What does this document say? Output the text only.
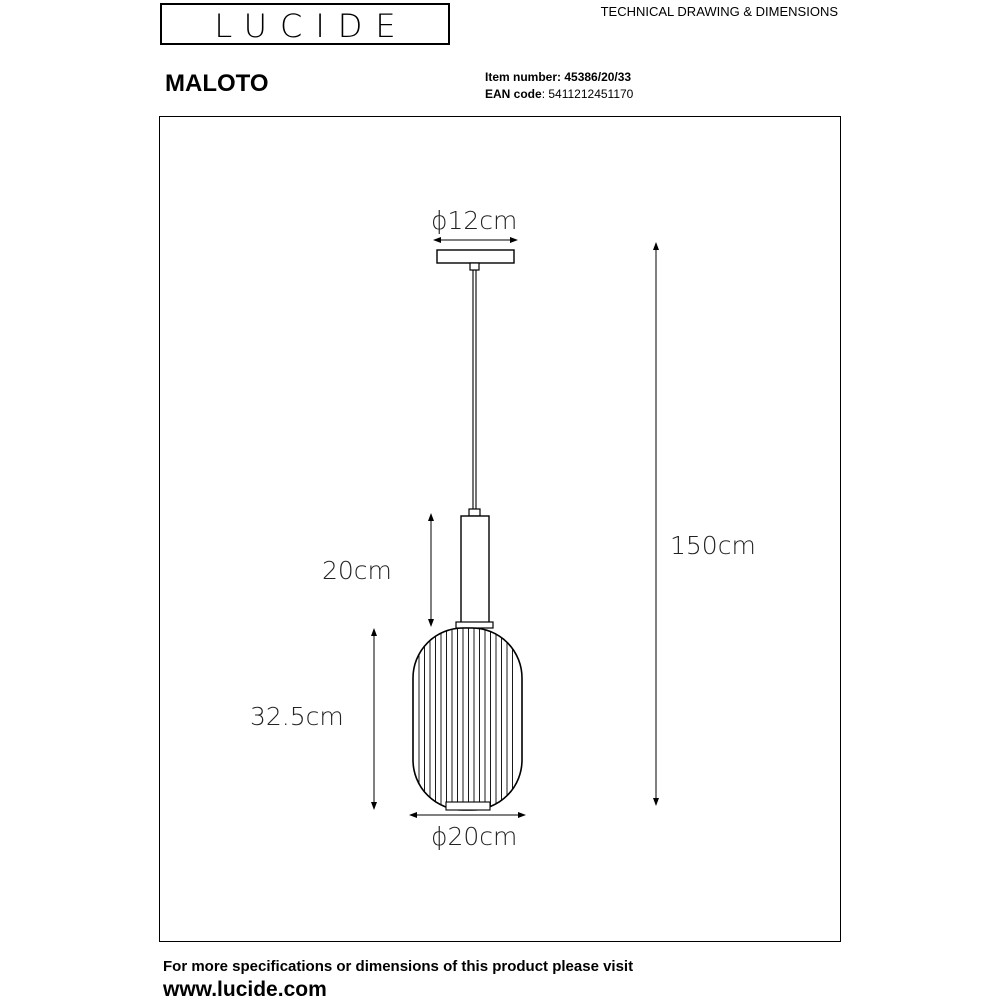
LUCIDE	TECHNICAL DRAWING & DIMENSIONS
MALOTO	Item number: 45386/20/33
EAN code: 5411212451170
ϕ12cm
150cm
20cm
32.5cm
ϕ20cm
For more specifications or dimensions of this product please visit
www.lucide.com
